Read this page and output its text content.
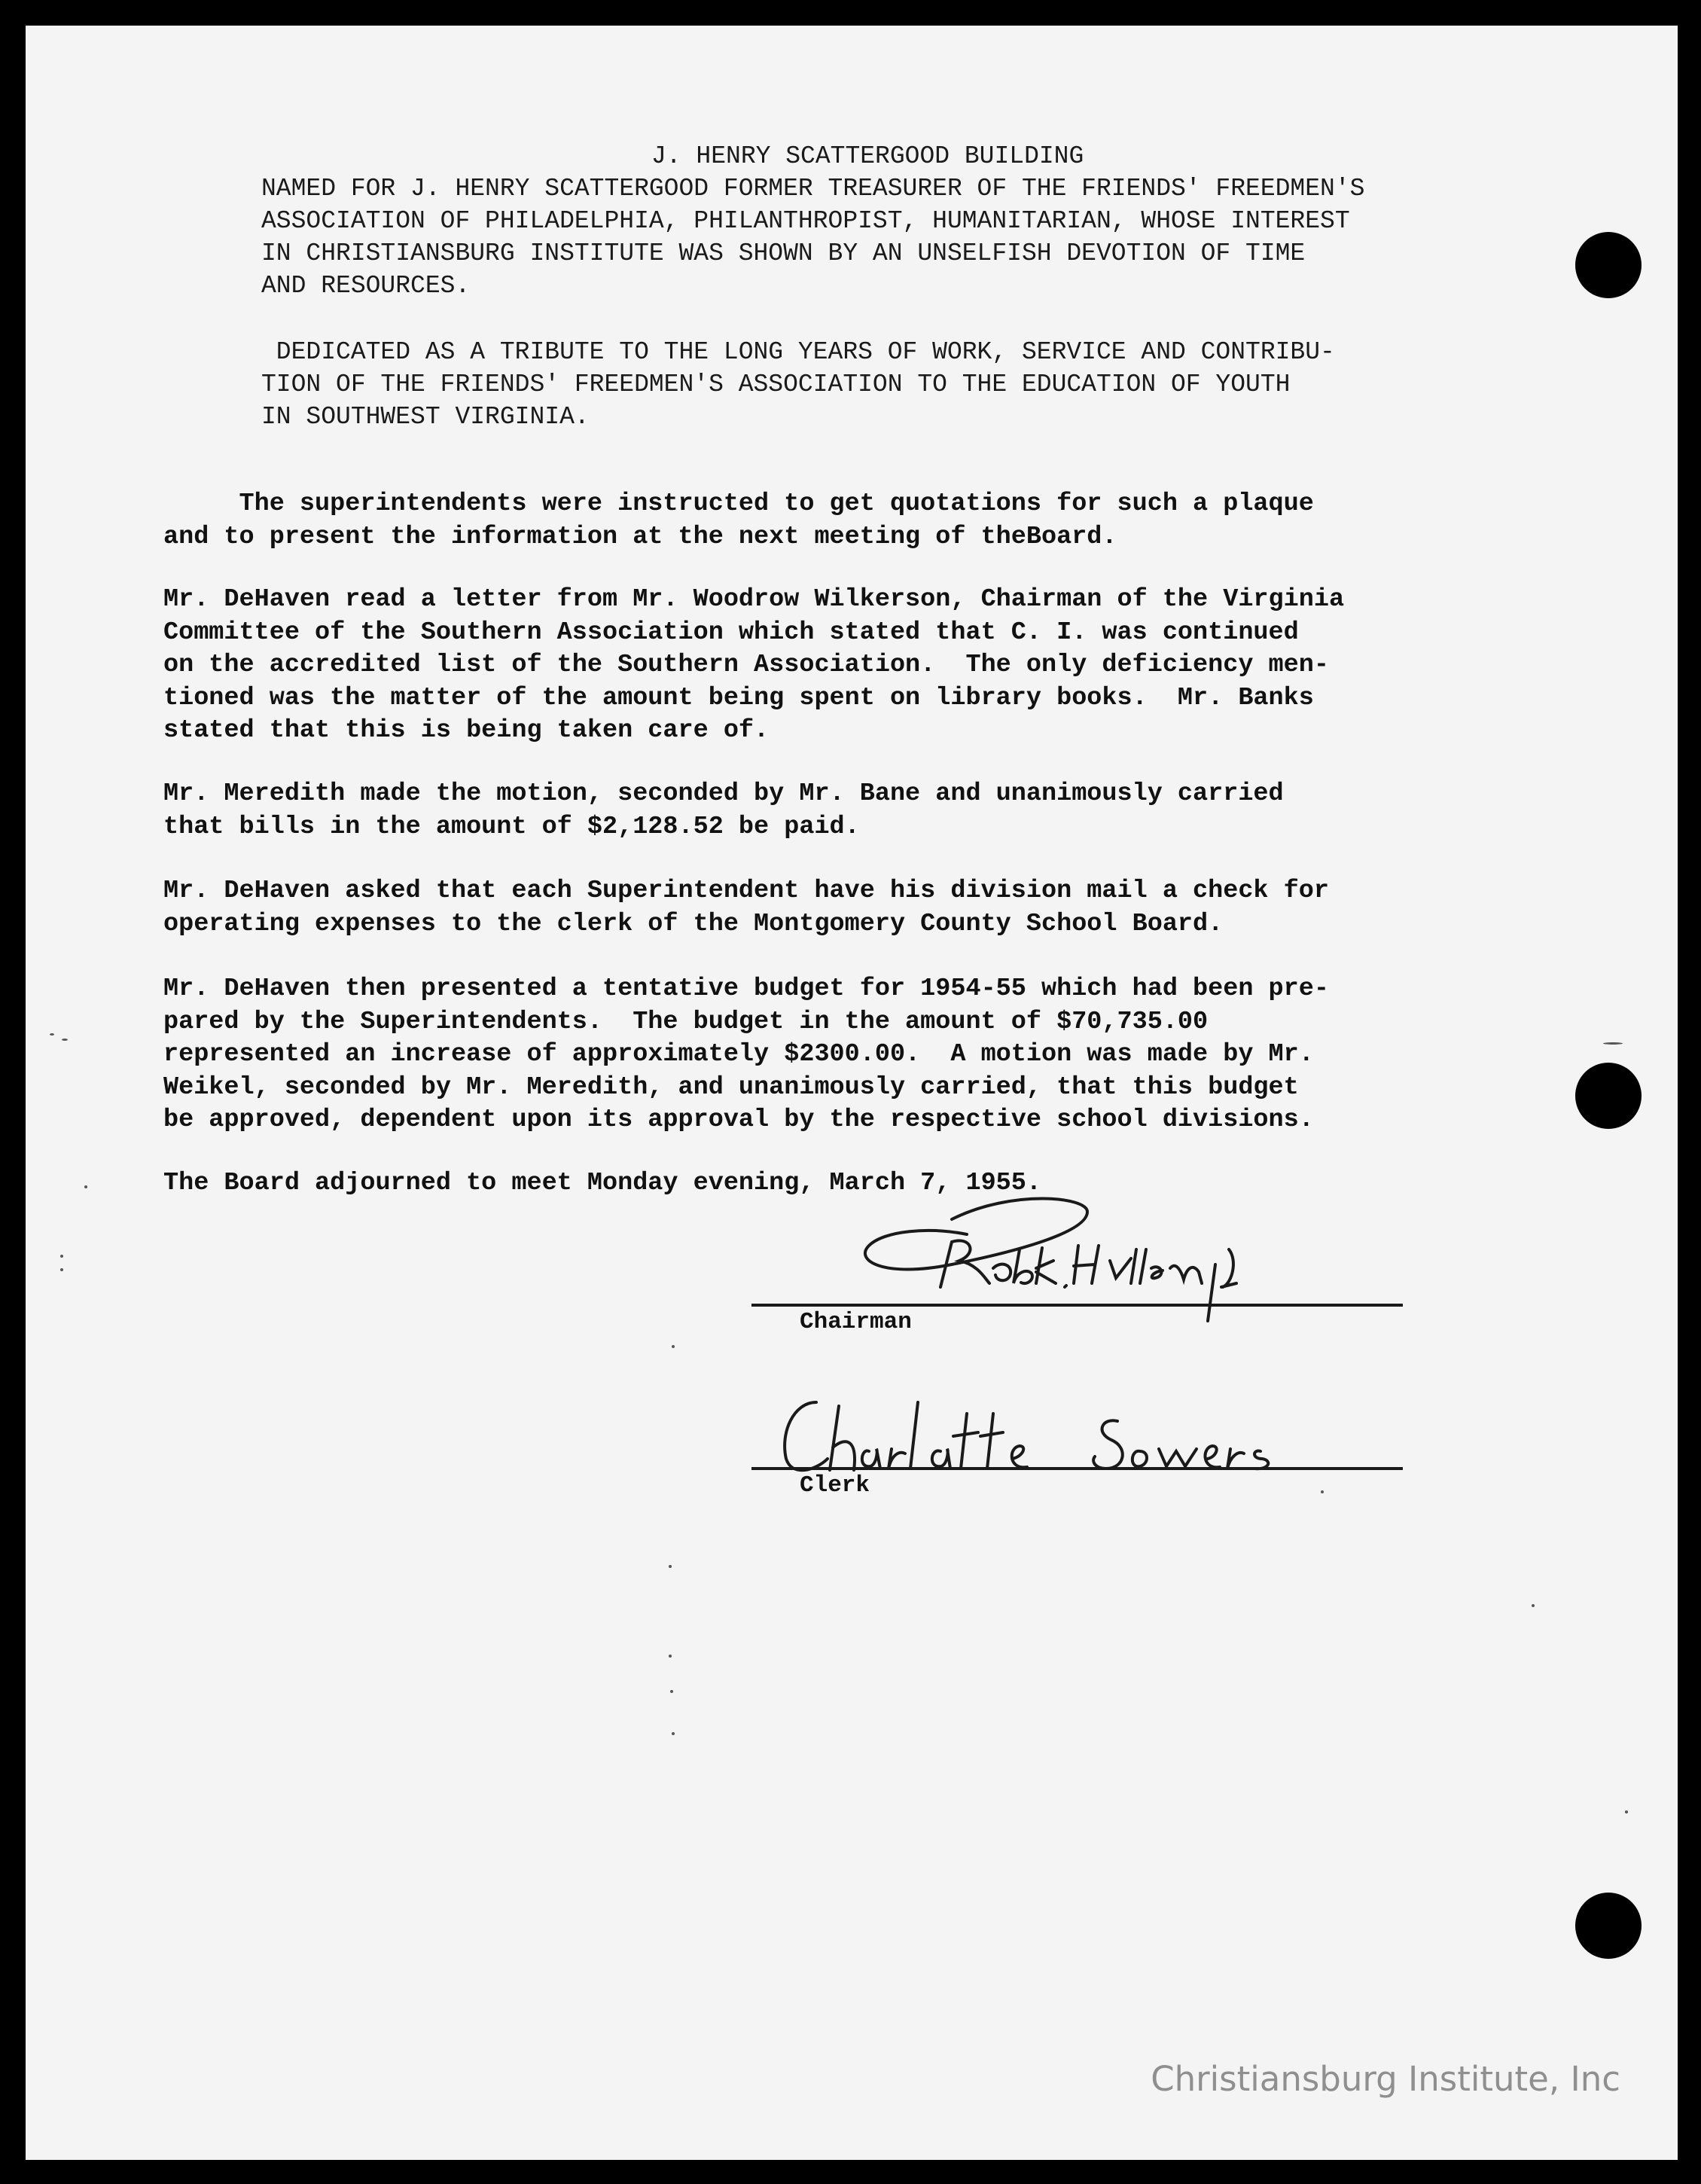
J. HENRY SCATTERGOOD BUILDING
NAMED FOR J. HENRY SCATTERGOOD FORMER TREASURER OF THE FRIENDS' FREEDMEN'S
ASSOCIATION OF PHILADELPHIA, PHILANTHROPIST, HUMANITARIAN, WHOSE INTEREST
IN CHRISTIANSBURG INSTITUTE WAS SHOWN BY AN UNSELFISH DEVOTION OF TIME
AND RESOURCES.
DEDICATED AS A TRIBUTE TO THE LONG YEARS OF WORK, SERVICE AND CONTRIBU-
TION OF THE FRIENDS' FREEDMEN'S ASSOCIATION TO THE EDUCATION OF YOUTH
IN SOUTHWEST VIRGINIA.
The superintendents were instructed to get quotations for such a plaque
and to present the information at the next meeting of theBoard.
Mr. DeHaven read a letter from Mr. Woodrow Wilkerson, Chairman of the Virginia
Committee of the Southern Association which stated that C. I. was continued
on the accredited list of the Southern Association.  The only deficiency men-
tioned was the matter of the amount being spent on library books.  Mr. Banks
stated that this is being taken care of.
Mr. Meredith made the motion, seconded by Mr. Bane and unanimously carried
that bills in the amount of $2,128.52 be paid.
Mr. DeHaven asked that each Superintendent have his division mail a check for
operating expenses to the clerk of the Montgomery County School Board.
Mr. DeHaven then presented a tentative budget for 1954-55 which had been pre-
pared by the Superintendents.  The budget in the amount of $70,735.00
represented an increase of approximately $2300.00.  A motion was made by Mr.
Weikel, seconded by Mr. Meredith, and unanimously carried, that this budget
be approved, dependent upon its approval by the respective school divisions.
The Board adjourned to meet Monday evening, March 7, 1955.

Chairman

Clerk

Christiansburg Institute, Inc
